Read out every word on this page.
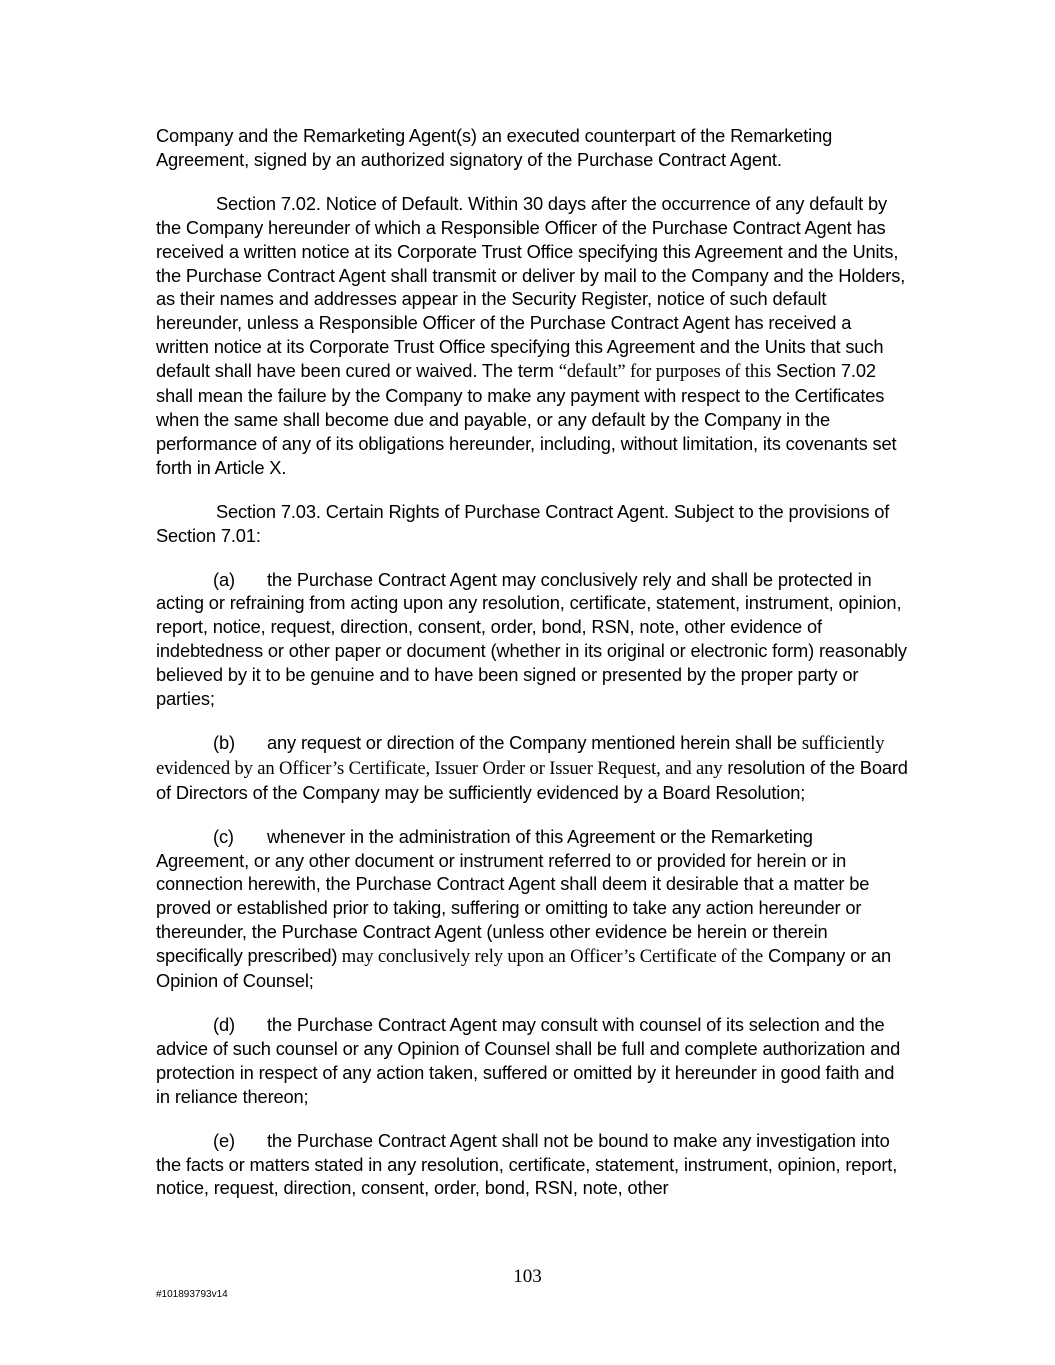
Company and the Remarketing Agent(s) an executed counterpart of the Remarketing Agreement, signed by an authorized signatory of the Purchase Contract Agent.

Section 7.02. Notice of Default. Within 30 days after the occurrence of any default by the Company hereunder of which a Responsible Officer of the Purchase Contract Agent has received a written notice at its Corporate Trust Office specifying this Agreement and the Units, the Purchase Contract Agent shall transmit or deliver by mail to the Company and the Holders, as their names and addresses appear in the Security Register, notice of such default hereunder, unless a Responsible Officer of the Purchase Contract Agent has received a written notice at its Corporate Trust Office specifying this Agreement and the Units that such default shall have been cured or waived. The term “default” for purposes of this Section 7.02 shall mean the failure by the Company to make any payment with respect to the Certificates when the same shall become due and payable, or any default by the Company in the performance of any of its obligations hereunder, including, without limitation, its covenants set forth in Article X.

Section 7.03. Certain Rights of Purchase Contract Agent. Subject to the provisions of Section 7.01:

(a) the Purchase Contract Agent may conclusively rely and shall be protected in acting or refraining from acting upon any resolution, certificate, statement, instrument, opinion, report, notice, request, direction, consent, order, bond, RSN, note, other evidence of indebtedness or other paper or document (whether in its original or electronic form) reasonably believed by it to be genuine and to have been signed or presented by the proper party or parties;

(b) any request or direction of the Company mentioned herein shall be sufficiently evidenced by an Officer’s Certificate, Issuer Order or Issuer Request, and any resolution of the Board of Directors of the Company may be sufficiently evidenced by a Board Resolution;

(c) whenever in the administration of this Agreement or the Remarketing Agreement, or any other document or instrument referred to or provided for herein or in connection herewith, the Purchase Contract Agent shall deem it desirable that a matter be proved or established prior to taking, suffering or omitting to take any action hereunder or thereunder, the Purchase Contract Agent (unless other evidence be herein or therein specifically prescribed) may conclusively rely upon an Officer’s Certificate of the Company or an Opinion of Counsel;

(d) the Purchase Contract Agent may consult with counsel of its selection and the advice of such counsel or any Opinion of Counsel shall be full and complete authorization and protection in respect of any action taken, suffered or omitted by it hereunder in good faith and in reliance thereon;

(e) the Purchase Contract Agent shall not be bound to make any investigation into the facts or matters stated in any resolution, certificate, statement, instrument, opinion, report, notice, request, direction, consent, order, bond, RSN, note, other

103
#101893793v14
